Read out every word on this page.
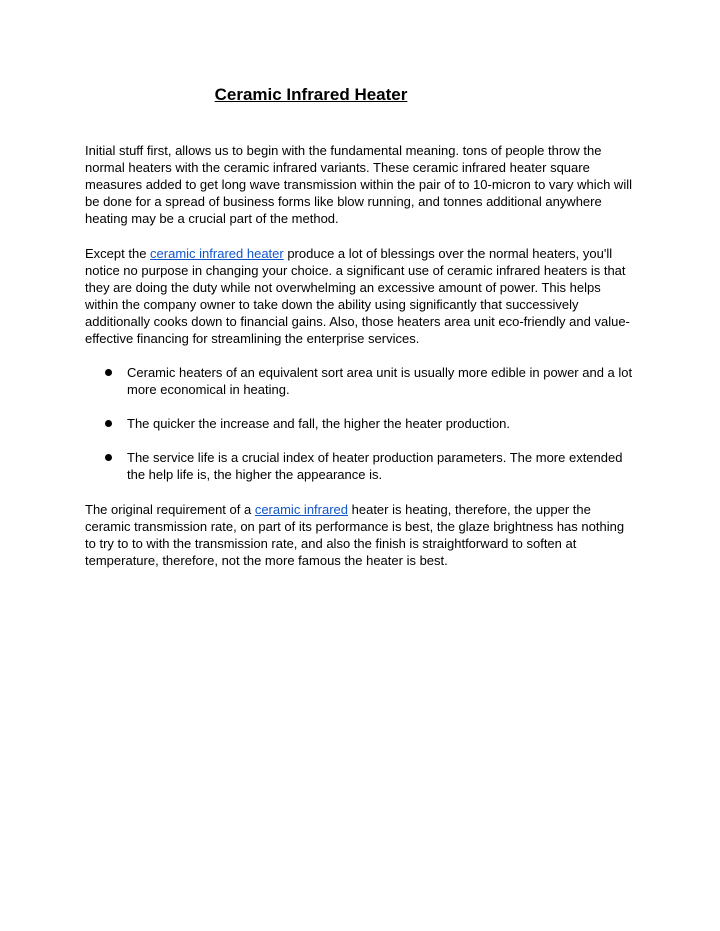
Ceramic Infrared Heater

Initial stuff first, allows us to begin with the fundamental meaning. tons of people throw the normal heaters with the ceramic infrared variants. These ceramic infrared heater square measures added to get long wave transmission within the pair of to 10-micron to vary which will be done for a spread of business forms like blow running, and tonnes additional anywhere heating may be a crucial part of the method.

Except the ceramic infrared heater produce a lot of blessings over the normal heaters, you'll notice no purpose in changing your choice. a significant use of ceramic infrared heaters is that they are doing the duty while not overwhelming an excessive amount of power. This helps within the company owner to take down the ability using significantly that successively additionally cooks down to financial gains. Also, those heaters area unit eco-friendly and value-effective financing for streamlining the enterprise services.

Ceramic heaters of an equivalent sort area unit is usually more edible in power and a lot more economical in heating.
The quicker the increase and fall, the higher the heater production.
The service life is a crucial index of heater production parameters. The more extended the help life is, the higher the appearance is.

The original requirement of a ceramic infrared heater is heating, therefore, the upper the ceramic transmission rate, on part of its performance is best, the glaze brightness has nothing to try to to with the transmission rate, and also the finish is straightforward to soften at temperature, therefore, not the more famous the heater is best.
